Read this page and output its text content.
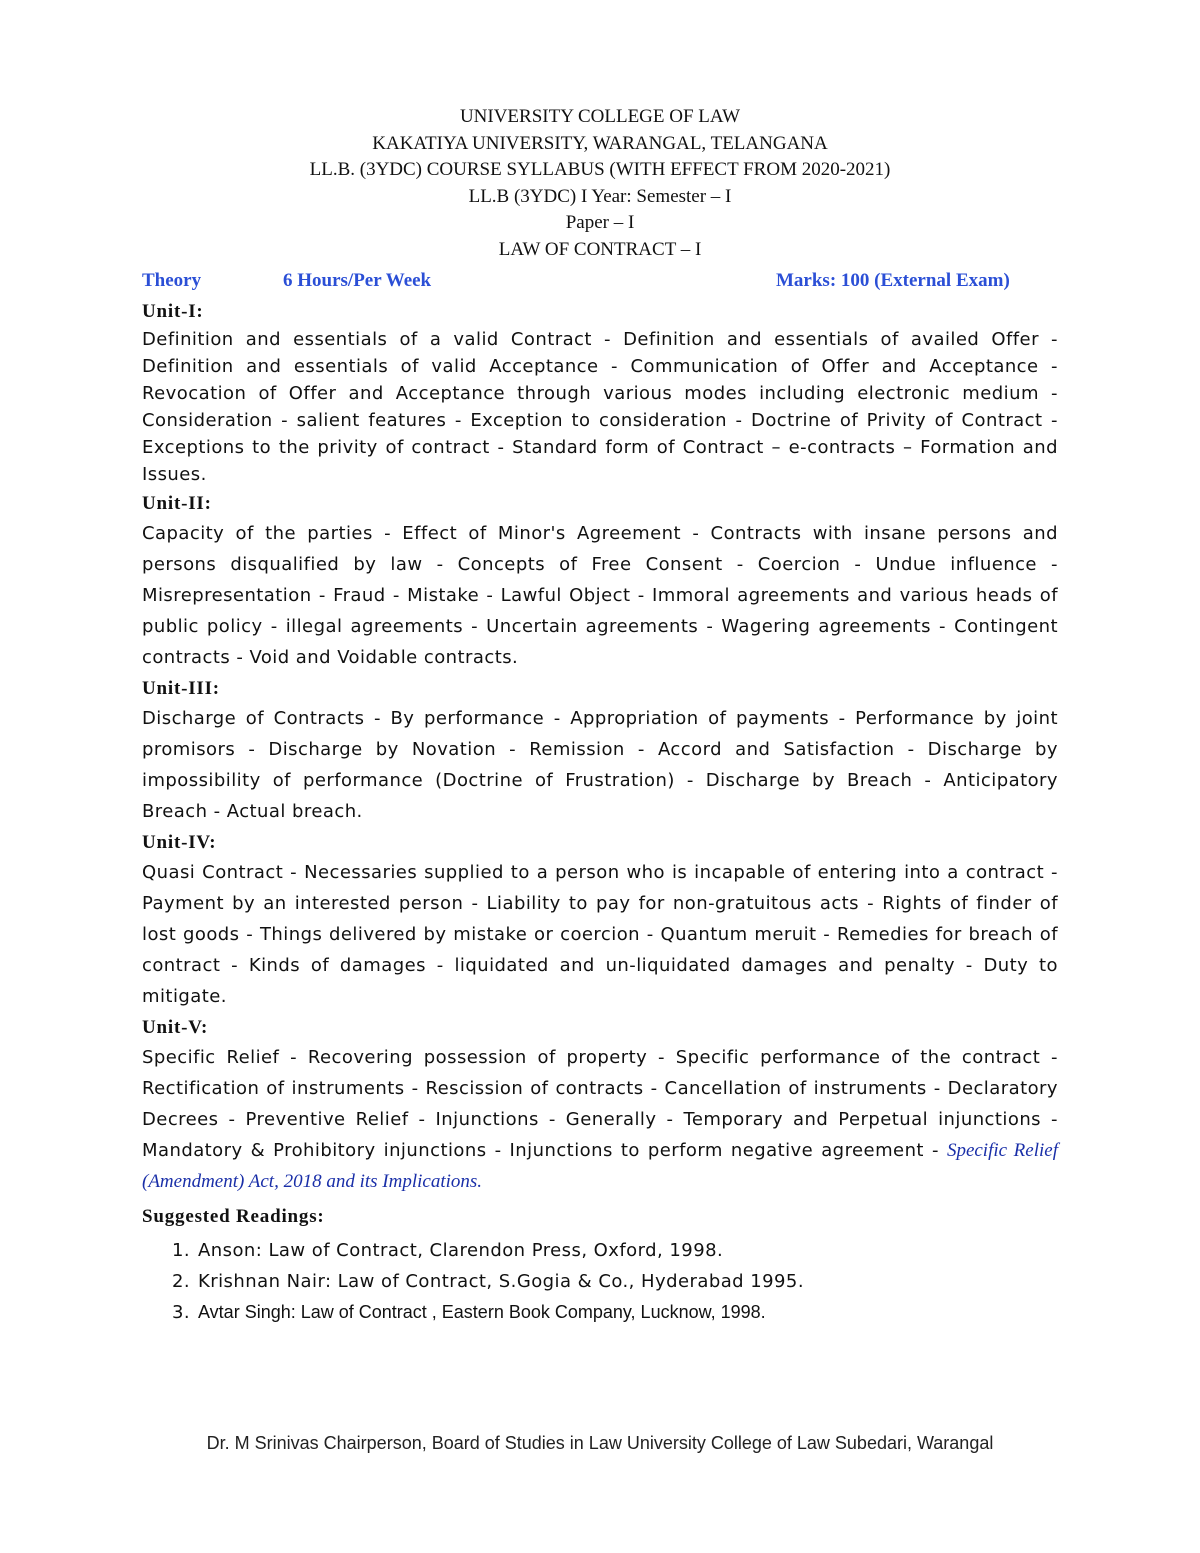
UNIVERSITY COLLEGE OF LAW
KAKATIYA UNIVERSITY, WARANGAL, TELANGANA
LL.B. (3YDC) COURSE SYLLABUS (WITH EFFECT FROM 2020-2021)
LL.B (3YDC) I Year: Semester – I
Paper – I
LAW OF CONTRACT – I
Theory	6 Hours/Per Week	Marks: 100 (External Exam)
Unit-I:

Definition and essentials of a valid Contract - Definition and essentials of availed Offer - Definition and essentials of valid Acceptance - Communication of Offer and Acceptance - Revocation of Offer and Acceptance through various modes including electronic medium - Consideration - salient features - Exception to consideration - Doctrine of Privity of Contract - Exceptions to the privity of contract - Standard form of Contract – e-contracts – Formation and Issues.

Unit-II:

Capacity of the parties - Effect of Minor's Agreement - Contracts with insane persons and persons disqualified by law - Concepts of Free Consent - Coercion - Undue influence - Misrepresentation - Fraud - Mistake - Lawful Object - Immoral agreements and various heads of public policy - illegal agreements - Uncertain agreements - Wagering agreements - Contingent contracts - Void and Voidable contracts.

Unit-III:

Discharge of Contracts - By performance - Appropriation of payments - Performance by joint promisors - Discharge by Novation - Remission - Accord and Satisfaction - Discharge by impossibility of performance (Doctrine of Frustration) - Discharge by Breach - Anticipatory Breach - Actual breach.

Unit-IV:

Quasi Contract - Necessaries supplied to a person who is incapable of entering into a contract - Payment by an interested person - Liability to pay for non-gratuitous acts - Rights of finder of lost goods - Things delivered by mistake or coercion - Quantum meruit - Remedies for breach of contract - Kinds of damages - liquidated and un-liquidated damages and penalty - Duty to mitigate.

Unit-V:

Specific Relief - Recovering possession of property - Specific performance of the contract - Rectification of instruments - Rescission of contracts - Cancellation of instruments - Declaratory Decrees - Preventive Relief - Injunctions - Generally - Temporary and Perpetual injunctions - Mandatory & Prohibitory injunctions - Injunctions to perform negative agreement - Specific Relief (Amendment) Act, 2018 and its Implications.

Suggested Readings:
1. Anson: Law of Contract, Clarendon Press, Oxford, 1998.
2. Krishnan Nair: Law of Contract, S.Gogia & Co., Hyderabad 1995.
3. Avtar Singh: Law of Contract , Eastern Book Company, Lucknow, 1998.
Dr. M Srinivas Chairperson, Board of Studies in Law University College of Law Subedari, Warangal
